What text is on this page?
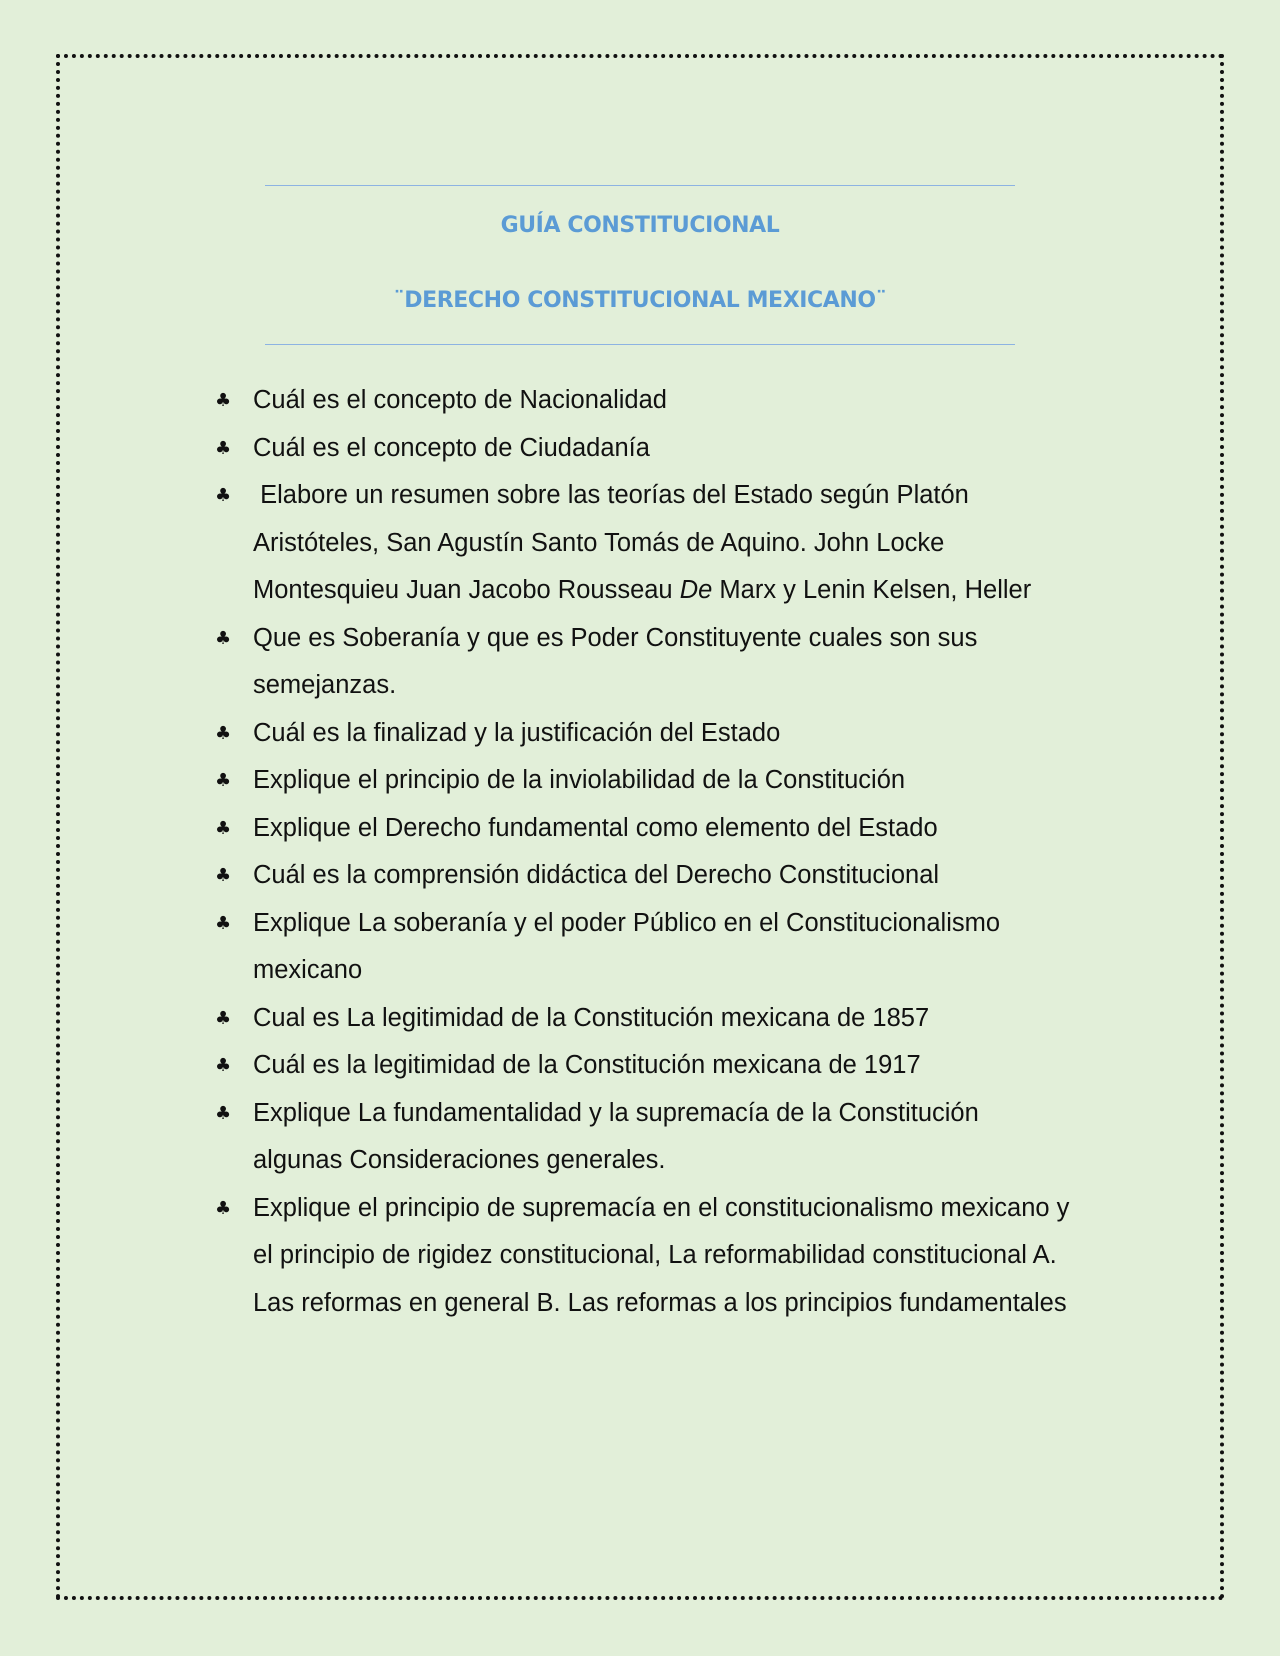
GUÍA CONSTITUCIONAL
¨DERECHO CONSTITUCIONAL MEXICANO¨
♣ Cuál es el concepto de Nacionalidad
♣ Cuál es el concepto de Ciudadanía
♣ Elabore un resumen sobre las teorías del Estado según Platón Aristóteles, San Agustín Santo Tomás de Aquino. John Locke Montesquieu Juan Jacobo Rousseau De Marx y Lenin Kelsen, Heller
♣ Que es Soberanía y que es Poder Constituyente cuales son sus semejanzas.
♣ Cuál es la finalizad y la justificación del Estado
♣ Explique el principio de la inviolabilidad de la Constitución
♣ Explique el Derecho fundamental como elemento del Estado
♣ Cuál es la comprensión didáctica del Derecho Constitucional
♣ Explique La soberanía y el poder Público en el Constitucionalismo mexicano
♣ Cual es La legitimidad de la Constitución mexicana de 1857
♣ Cuál es la legitimidad de la Constitución mexicana de 1917
♣ Explique La fundamentalidad y la supremacía de la Constitución algunas Consideraciones generales.
♣ Explique el principio de supremacía en el constitucionalismo mexicano y el principio de rigidez constitucional, La reformabilidad constitucional A. Las reformas en general B. Las reformas a los principios fundamentales
